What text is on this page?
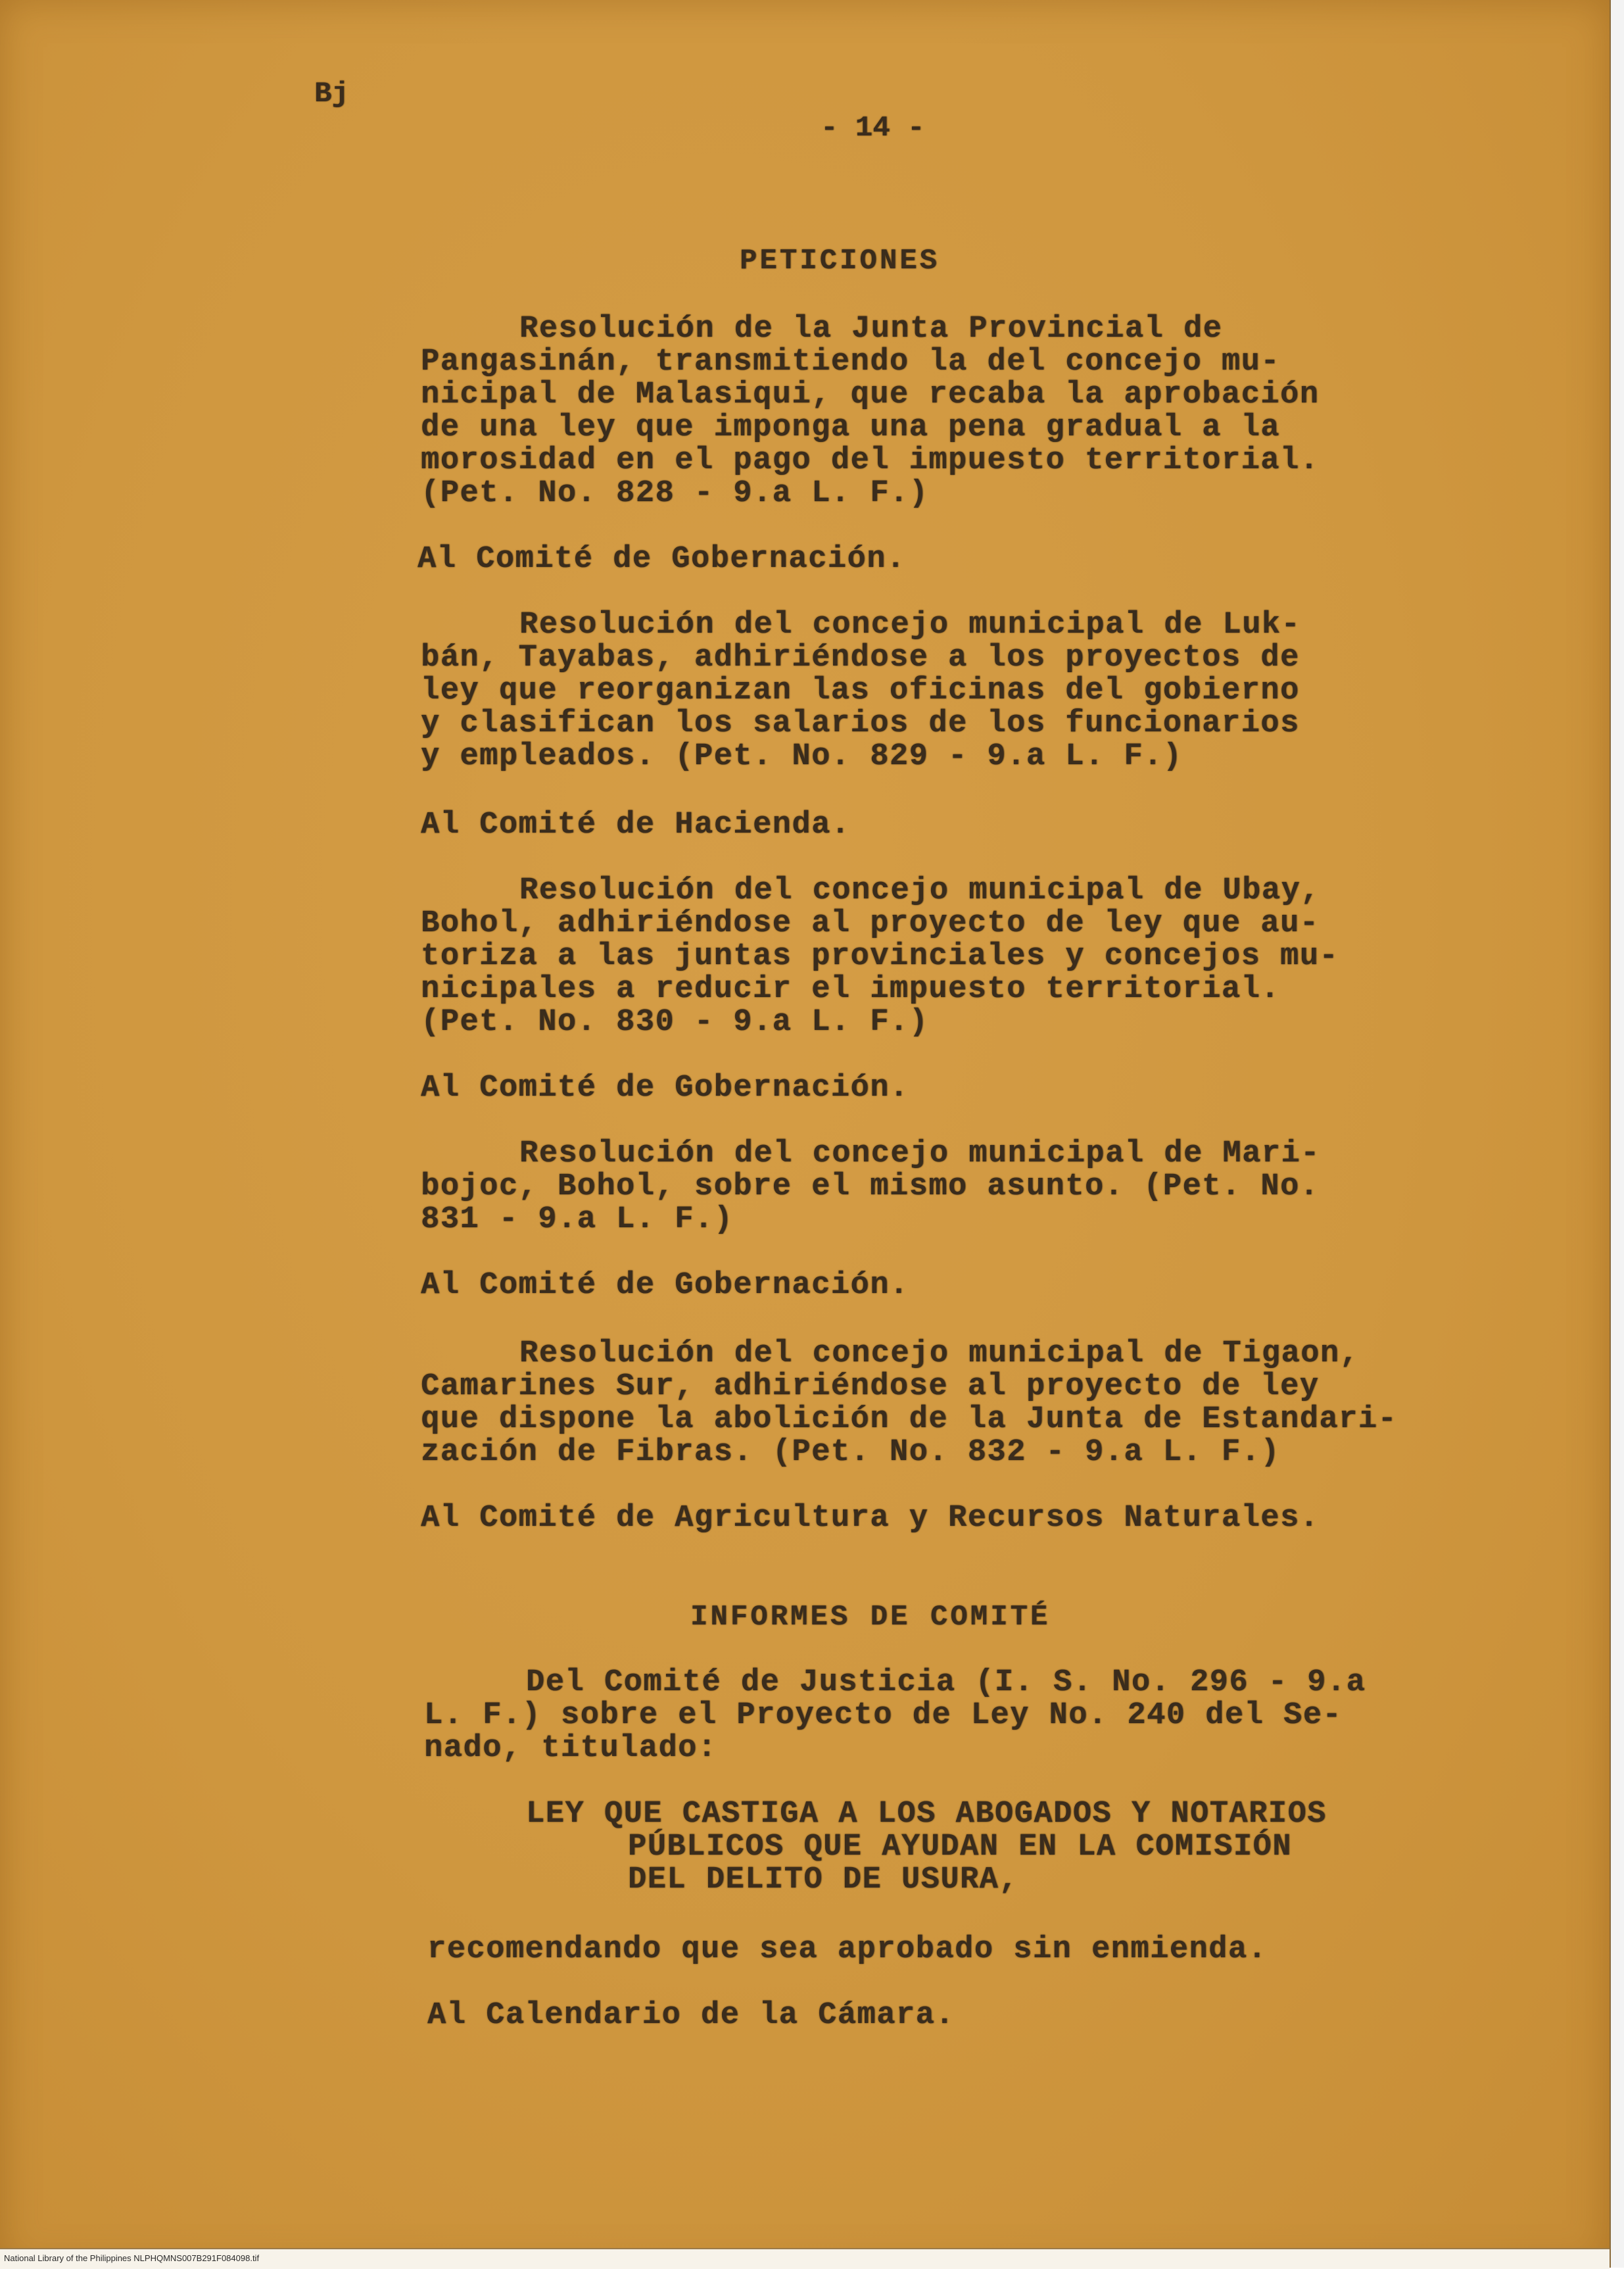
Bj
- 14 -
PETICIONES
Resolución de la Junta Provincial de
Pangasinán, transmitiendo la del concejo mu-
nicipal de Malasiqui, que recaba la aprobación
de una ley que imponga una pena gradual a la
morosidad en el pago del impuesto territorial.
(Pet. No. 828 - 9.a L. F.)
Al Comité de Gobernación.
Resolución del concejo municipal de Luk-
bán, Tayabas, adhiriéndose a los proyectos de
ley que reorganizan las oficinas del gobierno
y clasifican los salarios de los funcionarios
y empleados. (Pet. No. 829 - 9.a L. F.)
Al Comité de Hacienda.
Resolución del concejo municipal de Ubay,
Bohol, adhiriéndose al proyecto de ley que au-
toriza a las juntas provinciales y concejos mu-
nicipales a reducir el impuesto territorial.
(Pet. No. 830 - 9.a L. F.)
Al Comité de Gobernación.
Resolución del concejo municipal de Mari-
bojoc, Bohol, sobre el mismo asunto. (Pet. No.
831 - 9.a L. F.)
Al Comité de Gobernación.
Resolución del concejo municipal de Tigaon,
Camarines Sur, adhiriéndose al proyecto de ley
que dispone la abolición de la Junta de Estandari-
zación de Fibras. (Pet. No. 832 - 9.a L. F.)
Al Comité de Agricultura y Recursos Naturales.
INFORMES DE COMITÉ
Del Comité de Justicia (I. S. No. 296 - 9.a
L. F.) sobre el Proyecto de Ley No. 240 del Se-
nado, titulado:
LEY QUE CASTIGA A LOS ABOGADOS Y NOTARIOS
PÚBLICOS QUE AYUDAN EN LA COMISIÓN
DEL DELITO DE USURA,
recomendando que sea aprobado sin enmienda.
Al Calendario de la Cámara.
National Library of the Philippines NLPHQMNS007B291F084098.tif
